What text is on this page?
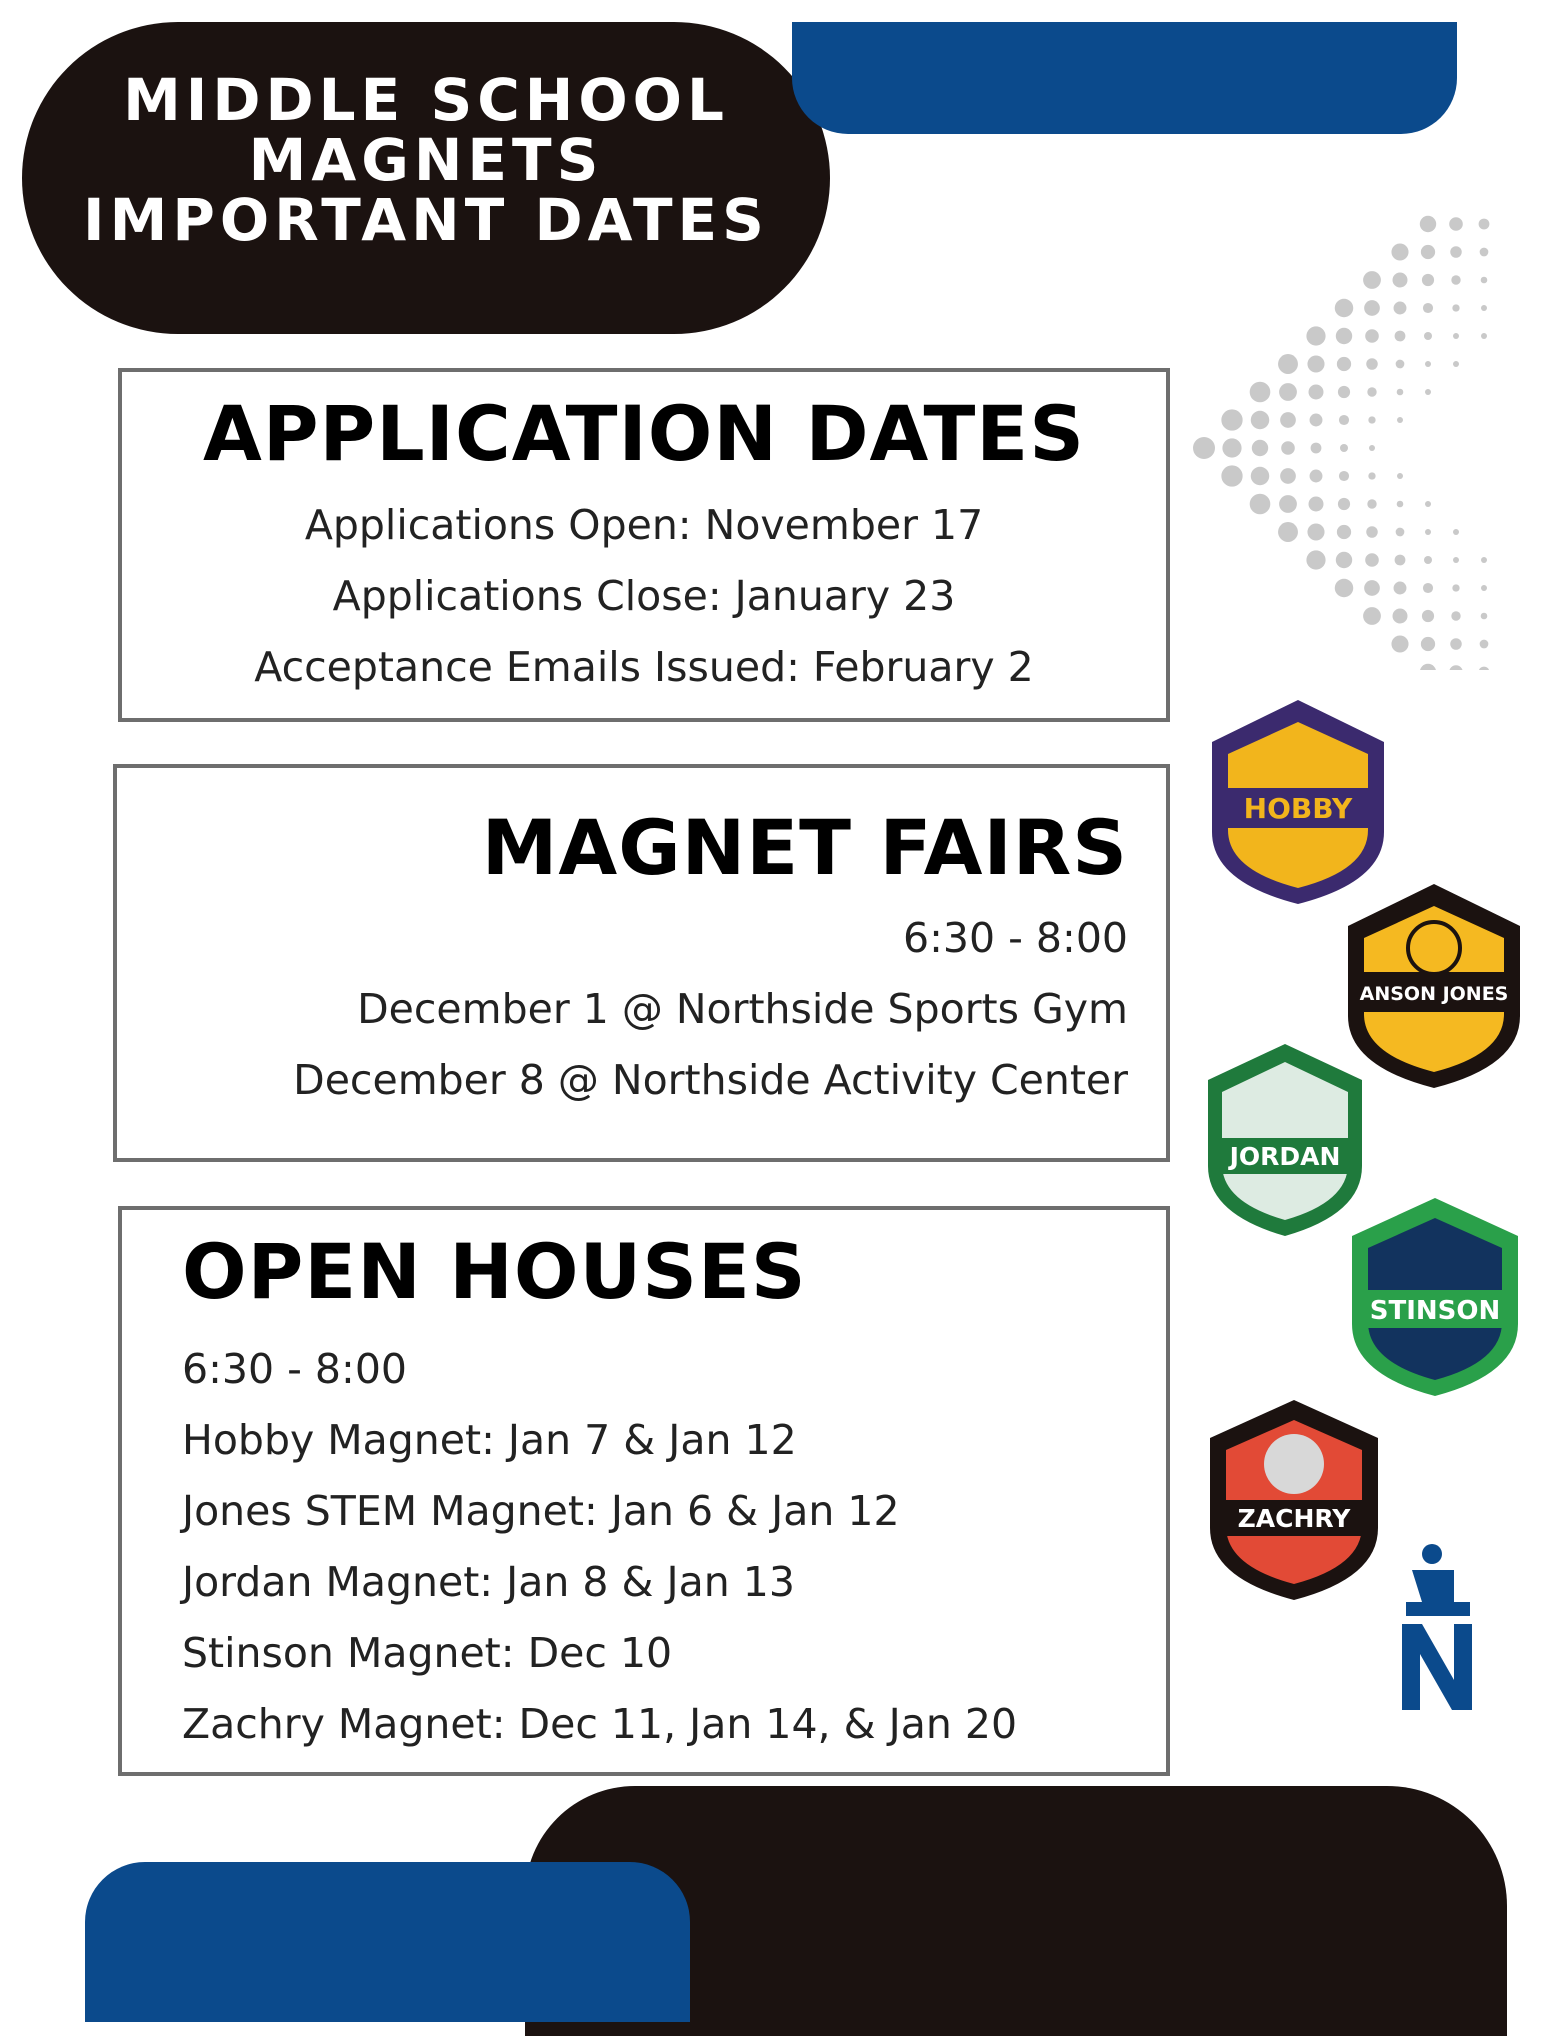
MIDDLE SCHOOL
MAGNETS
IMPORTANT DATES
APPLICATION DATES
Applications Open: November 17
Applications Close: January 23
Acceptance Emails Issued: February 2
MAGNET FAIRS
6:30 - 8:00
December 1 @ Northside Sports Gym
December 8 @ Northside Activity Center
OPEN HOUSES
6:30 - 8:00
Hobby Magnet: Jan 7 & Jan 12
Jones STEM Magnet: Jan 6 & Jan 12
Jordan Magnet: Jan 8 & Jan 13
Stinson Magnet: Dec 10
Zachry Magnet: Dec 11, Jan 14, & Jan 20
HOBBY
ANSON JONES
JORDAN
STINSON
ZACHRY
